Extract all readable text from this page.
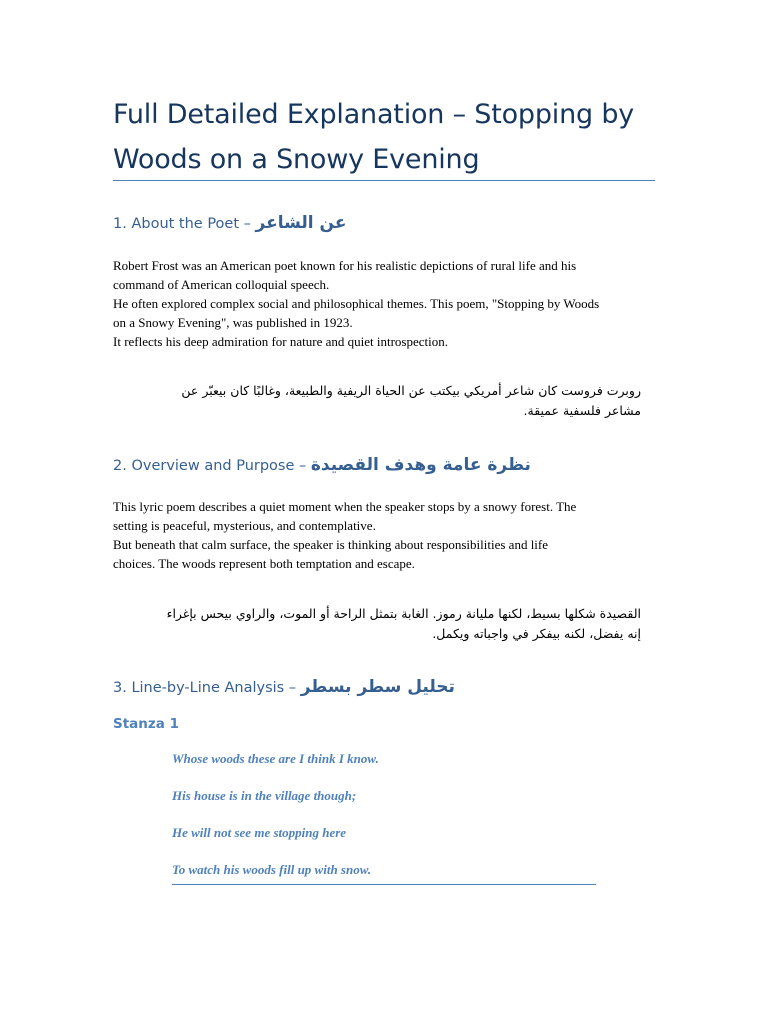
Full Detailed Explanation – Stopping by Woods on a Snowy Evening
1. About the Poet – عن الشاعر
Robert Frost was an American poet known for his realistic depictions of rural life and his
command of American colloquial speech.
He often explored complex social and philosophical themes. This poem, "Stopping by Woods
on a Snowy Evening", was published in 1923.
It reflects his deep admiration for nature and quiet introspection.
روبرت فروست كان شاعر أمريكي بيكتب عن الحياة الريفية والطبيعة، وغالبًا كان بيعبّر عن
مشاعر فلسفية عميقة.
2. Overview and Purpose – نظرة عامة وهدف القصيدة
This lyric poem describes a quiet moment when the speaker stops by a snowy forest. The
setting is peaceful, mysterious, and contemplative.
But beneath that calm surface, the speaker is thinking about responsibilities and life
choices. The woods represent both temptation and escape.
القصيدة شكلها بسيط، لكنها مليانة رموز. الغابة بتمثل الراحة أو الموت، والراوي بيحس بإغراء
إنه يفضل، لكنه بيفكر في واجباته ويكمل.
3. Line-by-Line Analysis – تحليل سطر بسطر
Stanza 1

Whose woods these are I think I know.

His house is in the village though;

He will not see me stopping here

To watch his woods fill up with snow.
